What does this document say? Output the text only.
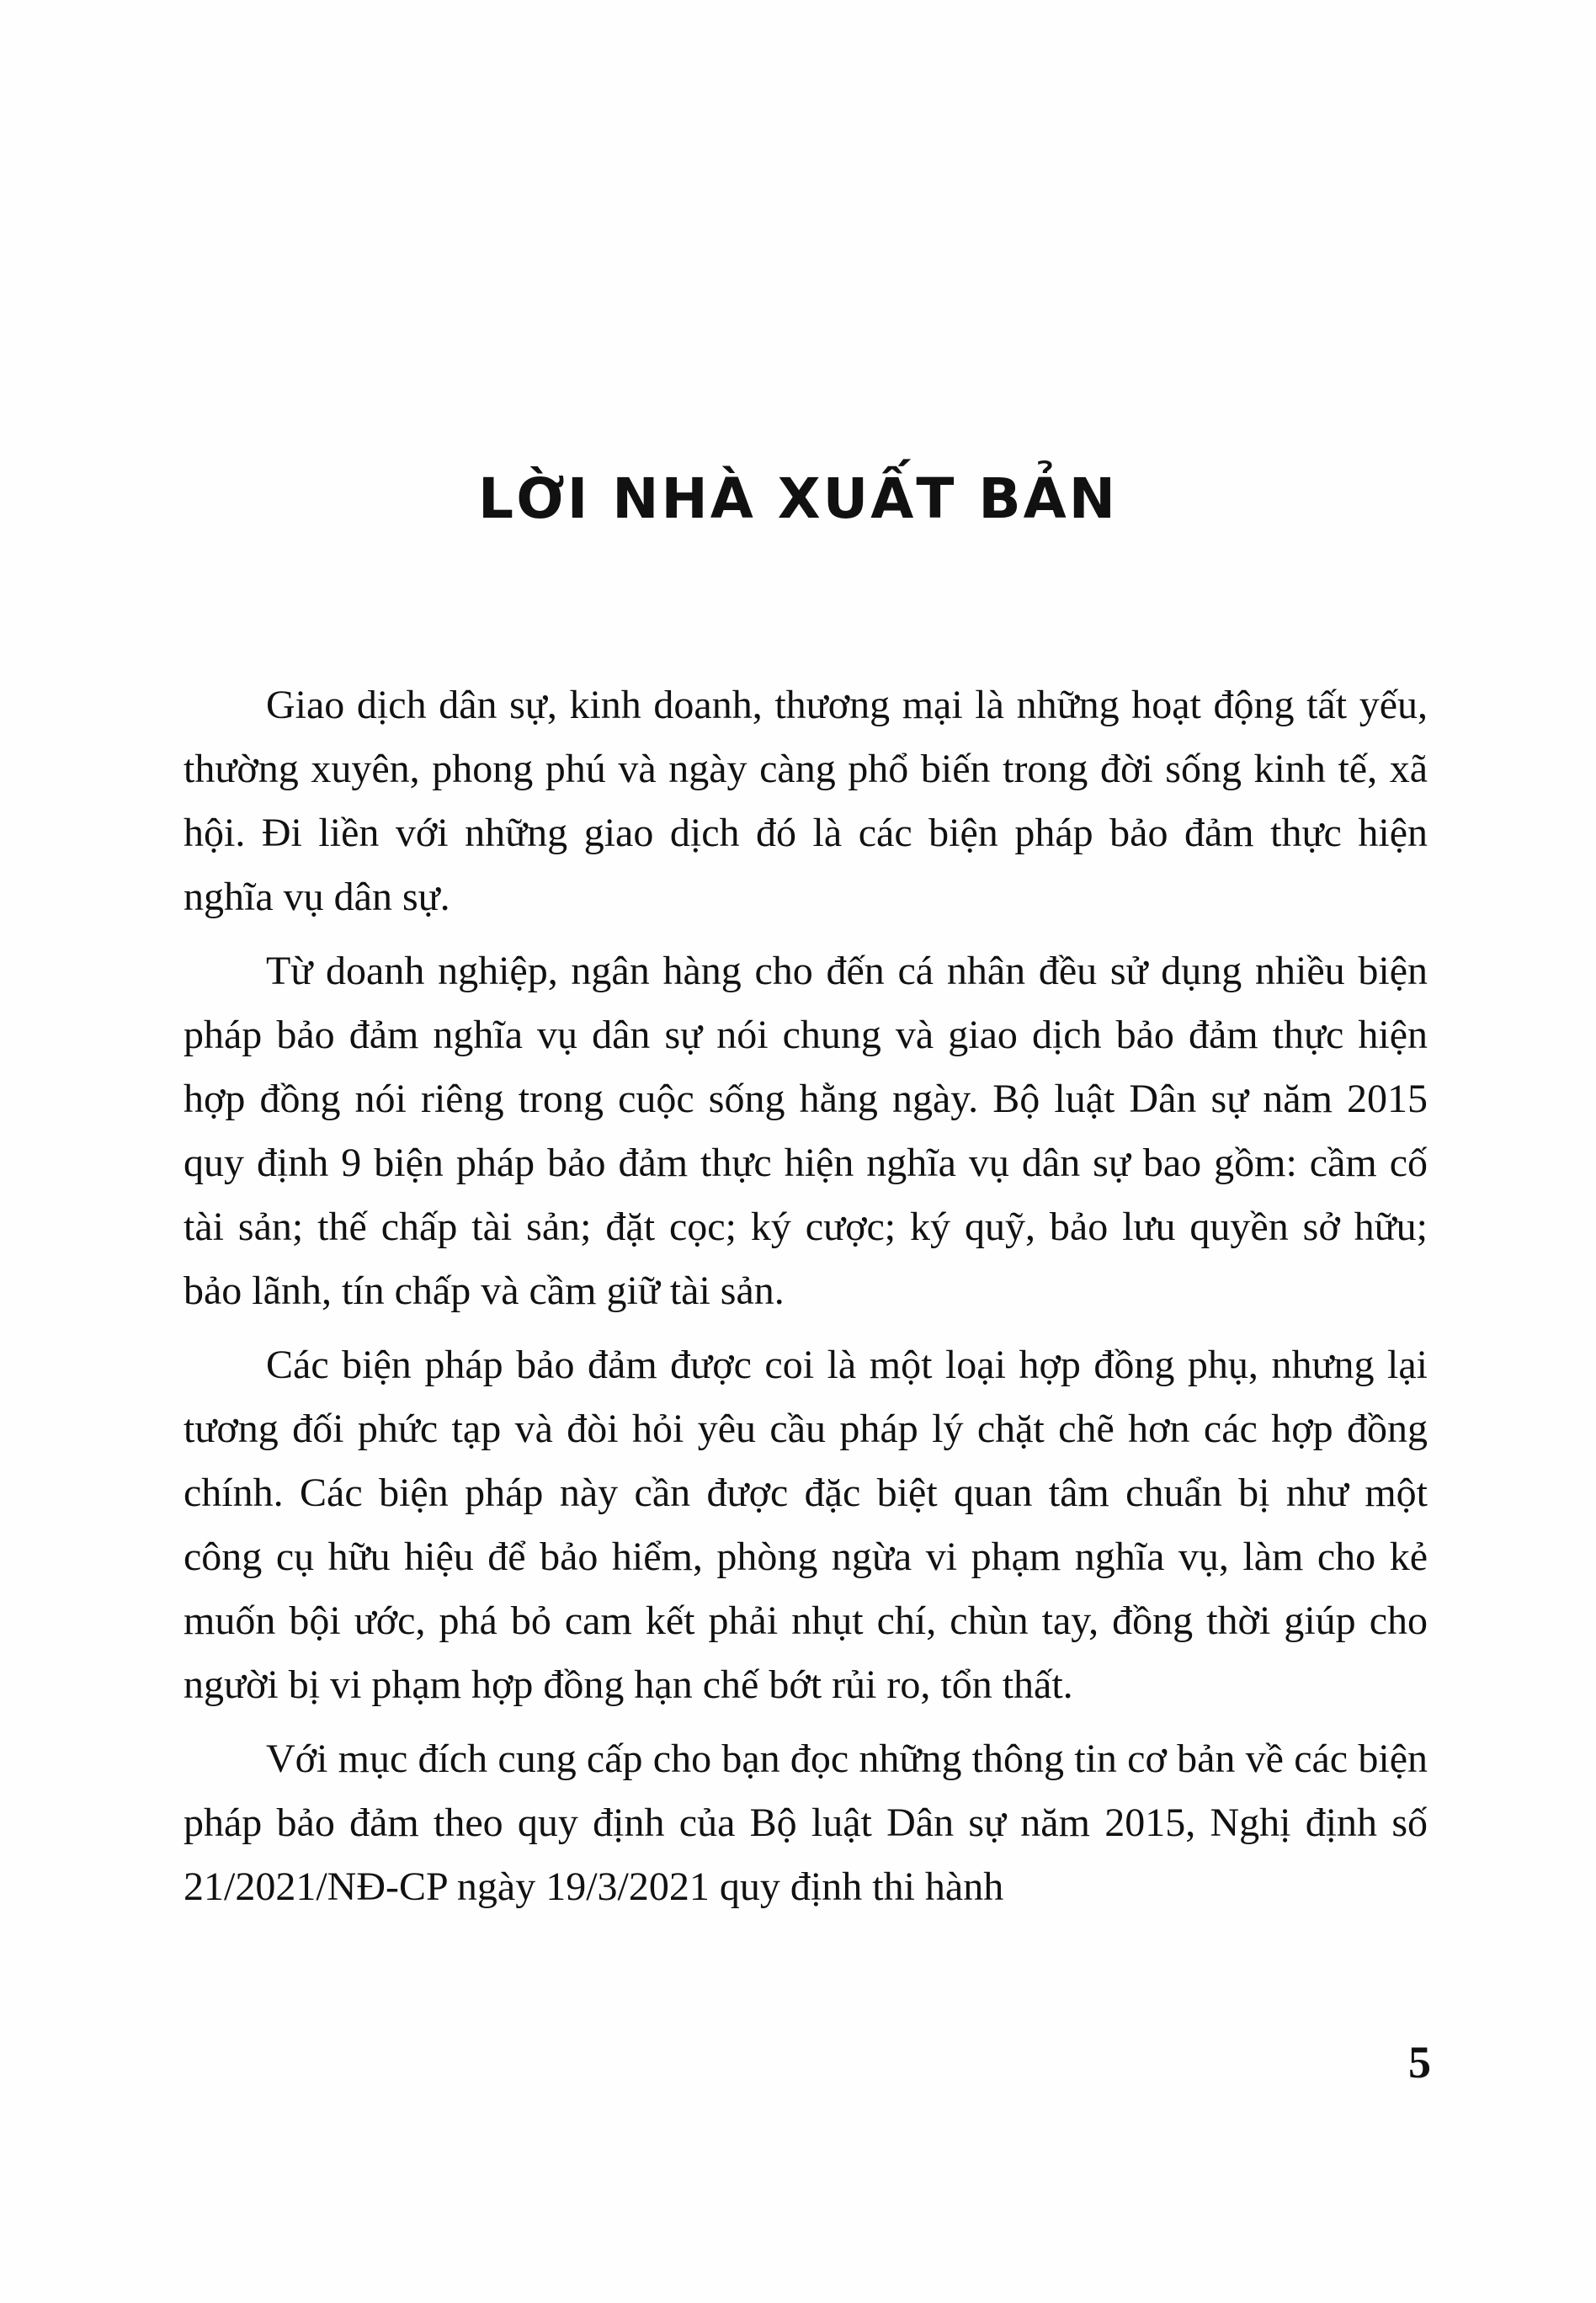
LỜI NHÀ XUẤT BẢN

Giao dịch dân sự, kinh doanh, thương mại là những hoạt động tất yếu, thường xuyên, phong phú và ngày càng phổ biến trong đời sống kinh tế, xã hội. Đi liền với những giao dịch đó là các biện pháp bảo đảm thực hiện nghĩa vụ dân sự.

Từ doanh nghiệp, ngân hàng cho đến cá nhân đều sử dụng nhiều biện pháp bảo đảm nghĩa vụ dân sự nói chung và giao dịch bảo đảm thực hiện hợp đồng nói riêng trong cuộc sống hằng ngày. Bộ luật Dân sự năm 2015 quy định 9 biện pháp bảo đảm thực hiện nghĩa vụ dân sự bao gồm: cầm cố tài sản; thế chấp tài sản; đặt cọc; ký cược; ký quỹ, bảo lưu quyền sở hữu; bảo lãnh, tín chấp và cầm giữ tài sản.

Các biện pháp bảo đảm được coi là một loại hợp đồng phụ, nhưng lại tương đối phức tạp và đòi hỏi yêu cầu pháp lý chặt chẽ hơn các hợp đồng chính. Các biện pháp này cần được đặc biệt quan tâm chuẩn bị như một công cụ hữu hiệu để bảo hiểm, phòng ngừa vi phạm nghĩa vụ, làm cho kẻ muốn bội ước, phá bỏ cam kết phải nhụt chí, chùn tay, đồng thời giúp cho người bị vi phạm hợp đồng hạn chế bớt rủi ro, tổn thất.

Với mục đích cung cấp cho bạn đọc những thông tin cơ bản về các biện pháp bảo đảm theo quy định của Bộ luật Dân sự năm 2015, Nghị định số 21/2021/NĐ-CP ngày 19/3/2021 quy định thi hành

5
